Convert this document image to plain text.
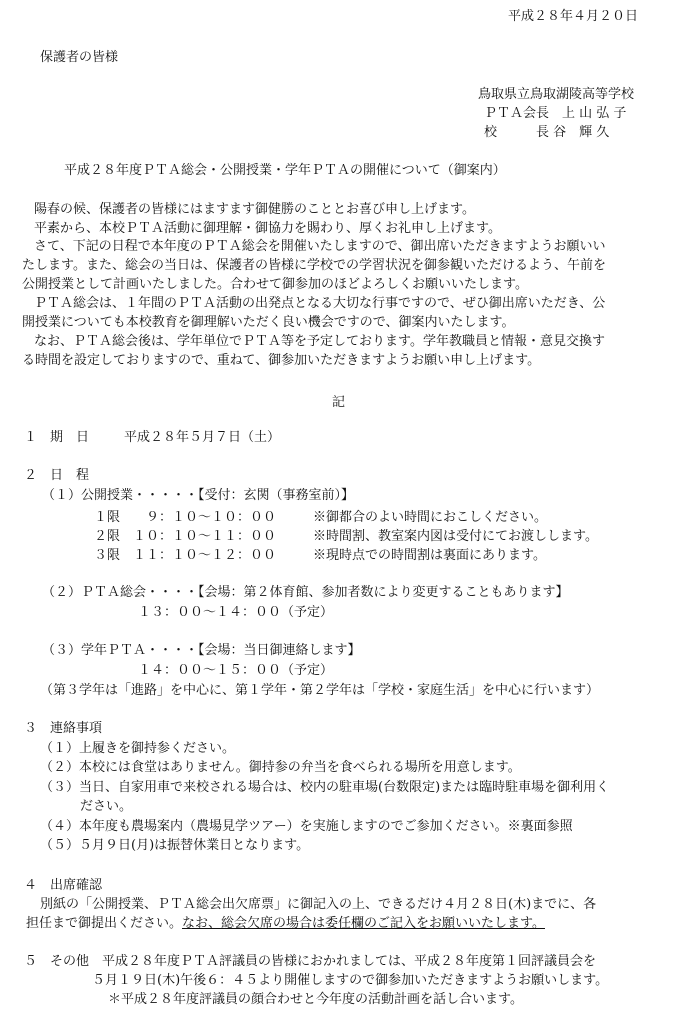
平成２８年４月２０日
保護者の皆様
鳥取県立鳥取湖陵高等学校
ＰＴＡ会長　上 山 弘 子
校　　　長 谷　輝 久
平成２８年度ＰＴＡ総会・公開授業・学年ＰＴＡの開催について（御案内）
陽春の候、保護者の皆様にはますます御健勝のこととお喜び申し上げます。
平素から、本校ＰＴＡ活動に御理解・御協力を賜わり、厚くお礼申し上げます。
さて、下記の日程で本年度のＰＴＡ総会を開催いたしますので、御出席いただきますようお願いい
たします。また、総会の当日は、保護者の皆様に学校での学習状況を御参観いただけるよう、午前を
公開授業として計画いたしました。合わせて御参加のほどよろしくお願いいたします。
ＰＴＡ総会は、１年間のＰＴＡ活動の出発点となる大切な行事ですので、ぜひ御出席いただき、公
開授業についても本校教育を御理解いただく良い機会ですので、御案内いたします。
なお、ＰＴＡ総会後は、学年単位でＰＴＡ等を予定しております。学年教職員と情報・意見交換す
る時間を設定しておりますので、重ねて、御参加いただきますようお願い申し上げます。
記
１　期　日	平成２８年５月７日（土）
２　日　程
（１）公開授業・・・・・【受付：玄関（事務室前）】
１限　　９：１０～１０：００	※御都合のよい時間におこしください。
２限　１０：１０～１１：００	※時間割、教室案内図は受付にてお渡しします。
３限　１１：１０～１２：００	※現時点での時間割は裏面にあります。
（２）ＰＴＡ総会・・・・【会場：第２体育館、参加者数により変更することもあります】
１３：００～１４：００（予定）
（３）学年ＰＴＡ・・・・【会場：当日御連絡します】
１４：００～１５：００（予定）
（第３学年は「進路」を中心に、第１学年・第２学年は「学校・家庭生活」を中心に行います）
３　連絡事項
（１）上履きを御持参ください。
（２）本校には食堂はありません。御持参の弁当を食べられる場所を用意します。
（３）当日、自家用車で来校される場合は、校内の駐車場(台数限定)または臨時駐車場を御利用く
ださい。
（４）本年度も農場案内（農場見学ツアー）を実施しますのでご参加ください。※裏面参照
（５）５月９日(月)は振替休業日となります。
４　出席確認
別紙の「公開授業、ＰＴＡ総会出欠席票」に御記入の上、できるだけ４月２８日(木)までに、各
担任まで御提出ください。なお、総会欠席の場合は委任欄のご記入をお願いいたします。
５　その他　平成２８年度ＰＴＡ評議員の皆様におかれましては、平成２８年度第１回評議員会を
５月１９日(木)午後６：４５より開催しますので御参加いただきますようお願いします。
＊平成２８年度評議員の顔合わせと今年度の活動計画を話し合います。
